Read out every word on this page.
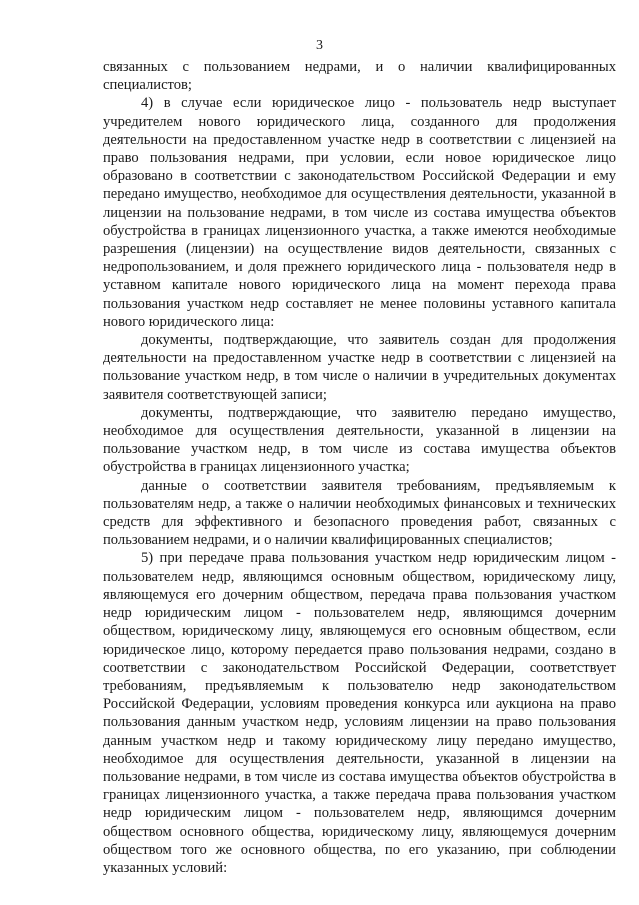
3

связанных с пользованием недрами, и о наличии квалифицированных специалистов;

4) в случае если юридическое лицо - пользователь недр выступает учредителем нового юридического лица, созданного для продолжения деятельности на предоставленном участке недр в соответствии с лицензией на право пользования недрами, при условии, если новое юридическое лицо образовано в соответствии с законодательством Российской Федерации и ему передано имущество, необходимое для осуществления деятельности, указанной в лицензии на пользование недрами, в том числе из состава имущества объектов обустройства в границах лицензионного участка, а также имеются необходимые разрешения (лицензии) на осуществление видов деятельности, связанных с недропользованием, и доля прежнего юридического лица - пользователя недр в уставном капитале нового юридического лица на момент перехода права пользования участком недр составляет не менее половины уставного капитала нового юридического лица:

документы, подтверждающие, что заявитель создан для продолжения деятельности на предоставленном участке недр в соответствии с лицензией на пользование участком недр, в том числе о наличии в учредительных документах заявителя соответствующей записи;

документы, подтверждающие, что заявителю передано имущество, необходимое для осуществления деятельности, указанной в лицензии на пользование участком недр, в том числе из состава имущества объектов обустройства в границах лицензионного участка;

данные о соответствии заявителя требованиям, предъявляемым к пользователям недр, а также о наличии необходимых финансовых и технических средств для эффективного и безопасного проведения работ, связанных с пользованием недрами, и о наличии квалифицированных специалистов;

5) при передаче права пользования участком недр юридическим лицом - пользователем недр, являющимся основным обществом, юридическому лицу, являющемуся его дочерним обществом, передача права пользования участком недр юридическим лицом - пользователем недр, являющимся дочерним обществом, юридическому лицу, являющемуся его основным обществом, если юридическое лицо, которому передается право пользования недрами, создано в соответствии с законодательством Российской Федерации, соответствует требованиям, предъявляемым к пользователю недр законодательством Российской Федерации, условиям проведения конкурса или аукциона на право пользования данным участком недр, условиям лицензии на право пользования данным участком недр и такому юридическому лицу передано имущество, необходимое для осуществления деятельности, указанной в лицензии на пользование недрами, в том числе из состава имущества объектов обустройства в границах лицензионного участка, а также передача права пользования участком недр юридическим лицом - пользователем недр, являющимся дочерним обществом основного общества, юридическому лицу, являющемуся дочерним обществом того же основного общества, по его указанию, при соблюдении указанных условий:
